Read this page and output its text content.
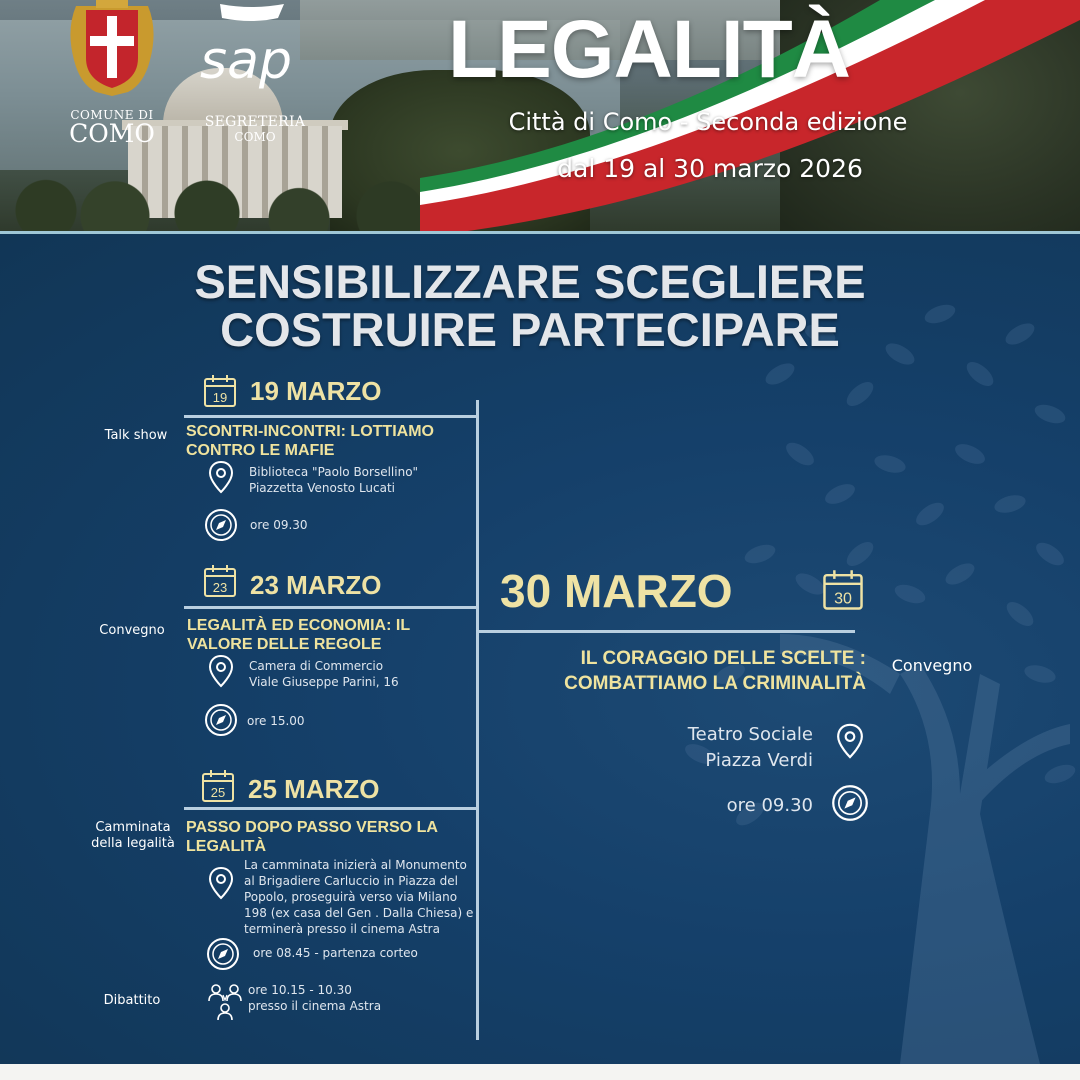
COMUNE DI
COMO
sap
SEGRETERIA
COMO
LEGALITÀ
Città di Como - Seconda edizione
dal 19 al 30 marzo 2026
SENSIBILIZZARE SCEGLIERE
COSTRUIRE PARTECIPARE
19 19 MARZO
Talk show	SCONTRI-INCONTRI: LOTTIAMO
CONTRO LE MAFIE
Biblioteca "Paolo Borsellino"
Piazzetta Venosto Lucati
ore 09.30
23 23 MARZO
Convegno	LEGALITÀ ED ECONOMIA: IL
VALORE DELLE REGOLE
Camera di Commercio
Viale Giuseppe Parini, 16
ore 15.00
25 25 MARZO
Camminata
della legalità
PASSO DOPO PASSO VERSO LA
LEGALITÀ
La camminata inizierà al Monumento
al Brigadiere Carluccio in Piazza del
Popolo, proseguirà verso via Milano
198 (ex casa del Gen . Dalla Chiesa) e
terminerà presso il cinema Astra
ore 08.45 - partenza corteo
Dibattito
ore 10.15 - 10.30
presso il cinema Astra
30 MARZO	30
IL CORAGGIO DELLE SCELTE :
COMBATTIAMO LA CRIMINALITÀ
Convegno
Teatro Sociale
Piazza Verdi
ore 09.30
